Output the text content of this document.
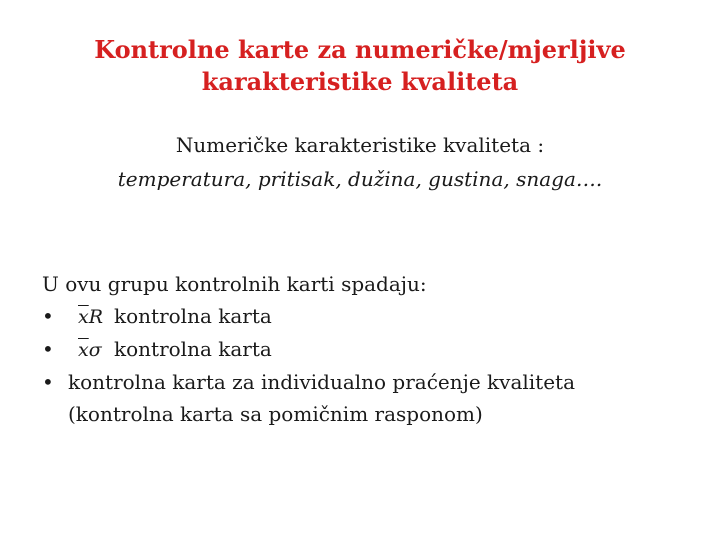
Kontrolne karte za numeričke/mjerljive
karakteristike kvaliteta
Numeričke karakteristike kvaliteta :
temperatura, pritisak, dužina, gustina, snaga….
U ovu grupu kontrolnih karti spadaju:
• $\overline{x}R$ kontrolna karta
• $\overline{x}\sigma$ kontrolna karta
• kontrolna karta za individualno praćenje kvaliteta
(kontrolna karta sa pomičnim rasponom)
